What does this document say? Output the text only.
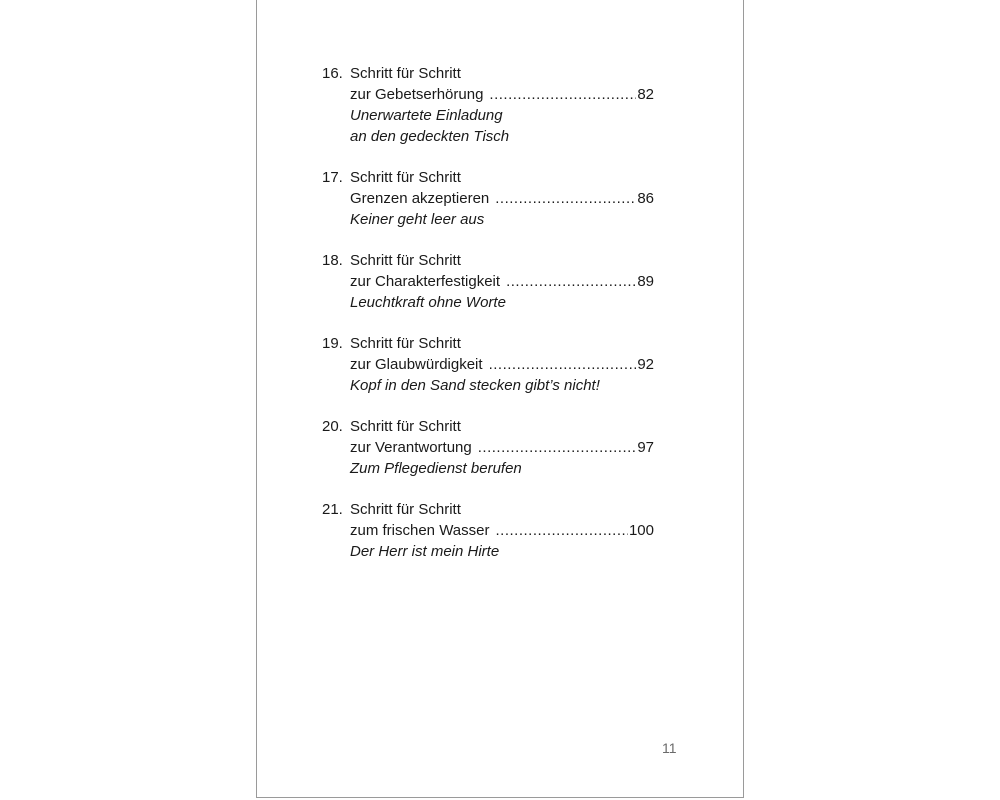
16. Schritt für Schritt
zur Gebetserhörung .....	82
Unerwartete Einladung
an den gedeckten Tisch
17. Schritt für Schritt
Grenzen akzeptieren .....	86
Keiner geht leer aus
18. Schritt für Schritt
zur Charakterfestigkeit .....	89
Leuchtkraft ohne Worte
19. Schritt für Schritt
zur Glaubwürdigkeit .....	92
Kopf in den Sand stecken gibt’s nicht!
20. Schritt für Schritt
zur Verantwortung .....	97
Zum Pflegedienst berufen
21. Schritt für Schritt
zum frischen Wasser .....	100
Der Herr ist mein Hirte
11
